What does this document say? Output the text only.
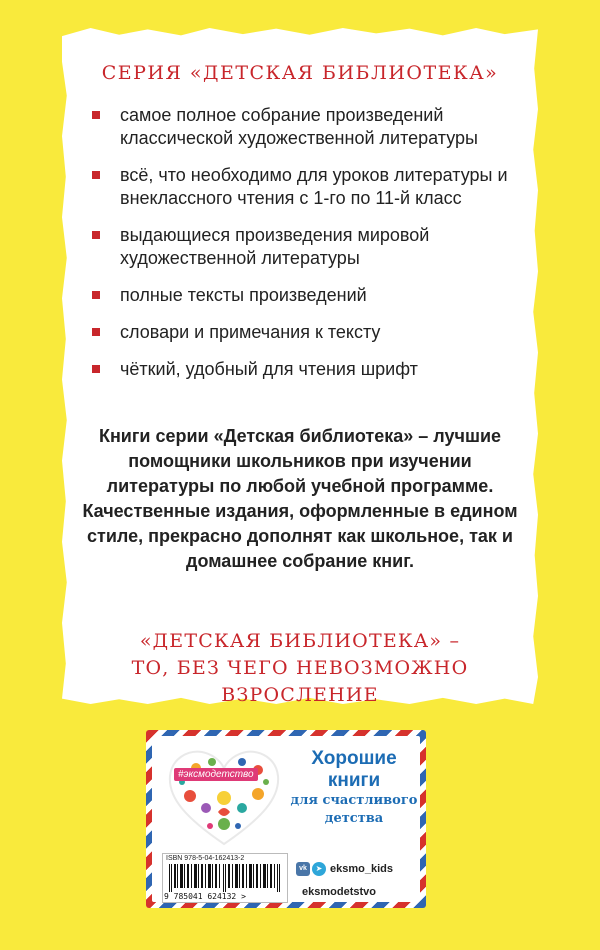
СЕРИЯ «ДЕТСКАЯ БИБЛИОТЕКА»
самое полное собрание произведений классической художественной литературы
всё, что необходимо для уроков литературы и внеклассного чтения с 1-го по 11-й класс
выдающиеся произведения мировой художественной литературы
полные тексты произведений
словари и примечания к тексту
чёткий, удобный для чтения шрифт
Книги серии «Детская библиотека» – лучшие помощники школьников при изучении литературы по любой учебной программе. Качественные издания, оформленные в едином стиле, прекрасно дополнят как школьное, так и домашнее собрание книг.
«ДЕТСКАЯ БИБЛИОТЕКА» –
ТО, БЕЗ ЧЕГО НЕВОЗМОЖНО ВЗРОСЛЕНИЕ
#эксмодетство
Хорошие
книги
для счастливого
детства
ISBN 978-5-04-162413-2
9 785041 624132 >
vk ➤ eksmo_kids
eksmodetstvo
